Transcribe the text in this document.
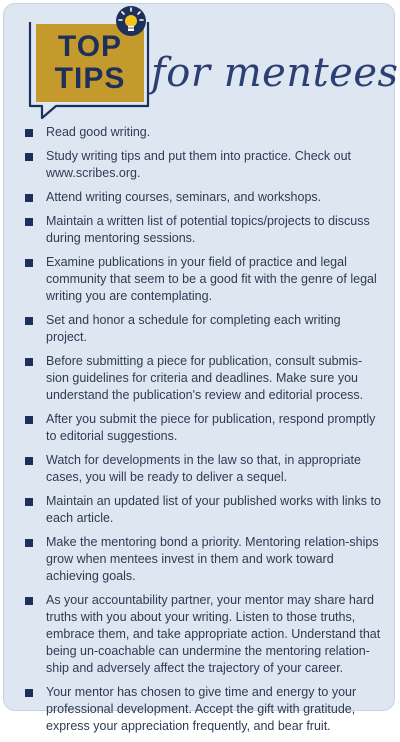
TOP
TIPS for mentees
Read good writing.
Study writing tips and put them into practice. Check out www.scribes.org.
Attend writing courses, seminars, and workshops.
Maintain a written list of potential topics/projects to discuss during mentoring sessions.
Examine publications in your field of practice and legal community that seem to be a good fit with the genre of legal writing you are contemplating.
Set and honor a schedule for completing each writing project.
Before submitting a piece for publication, consult submis-sion guidelines for criteria and deadlines. Make sure you understand the publication's review and editorial process.
After you submit the piece for publication, respond promptly to editorial suggestions.
Watch for developments in the law so that, in appropriate cases, you will be ready to deliver a sequel.
Maintain an updated list of your published works with links to each article.
Make the mentoring bond a priority. Mentoring relation-ships grow when mentees invest in them and work toward achieving goals.
As your accountability partner, your mentor may share hard truths with you about your writing. Listen to those truths, embrace them, and take appropriate action. Understand that being un-coachable can undermine the mentoring relation-ship and adversely affect the trajectory of your career.
Your mentor has chosen to give time and energy to your professional development. Accept the gift with gratitude, express your appreciation frequently, and bear fruit.
